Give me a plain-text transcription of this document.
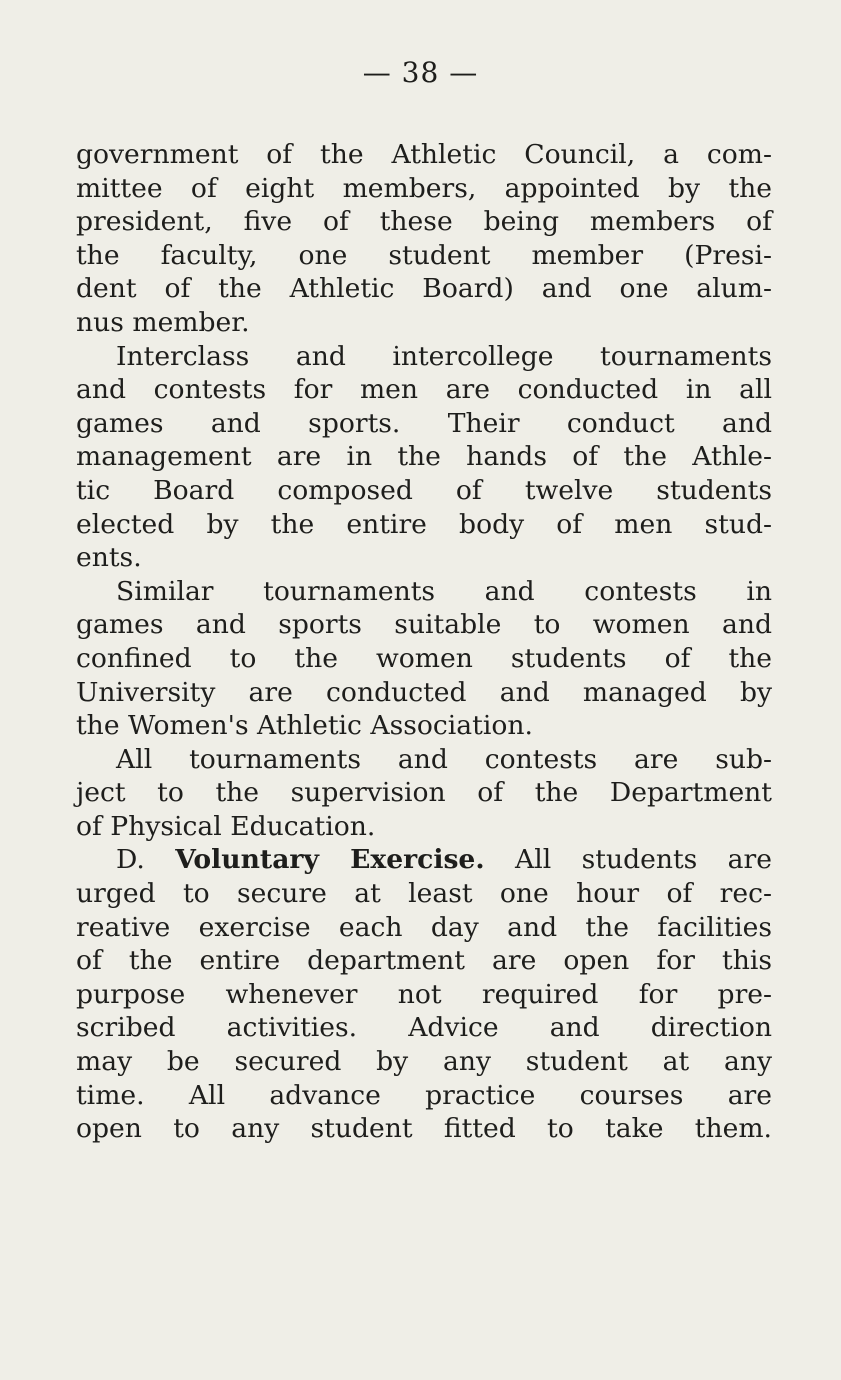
— 38 —
government of the Athletic Council, a com-
mittee of eight members, appointed by the
president, five of these being members of
the faculty, one student member (Presi-
dent of the Athletic Board) and one alum-
nus member.
Interclass and intercollege tournaments
and contests for men are conducted in all
games and sports. Their conduct and
management are in the hands of the Athle-
tic Board composed of twelve students
elected by the entire body of men stud-
ents.
Similar tournaments and contests in
games and sports suitable to women and
confined to the women students of the
University are conducted and managed by
the Women's Athletic Association.
All tournaments and contests are sub-
ject to the supervision of the Department
of Physical Education.
D. Voluntary Exercise. All students are
urged to secure at least one hour of rec-
reative exercise each day and the facilities
of the entire department are open for this
purpose whenever not required for pre-
scribed activities. Advice and direction
may be secured by any student at any
time. All advance practice courses are
open to any student fitted to take them.
